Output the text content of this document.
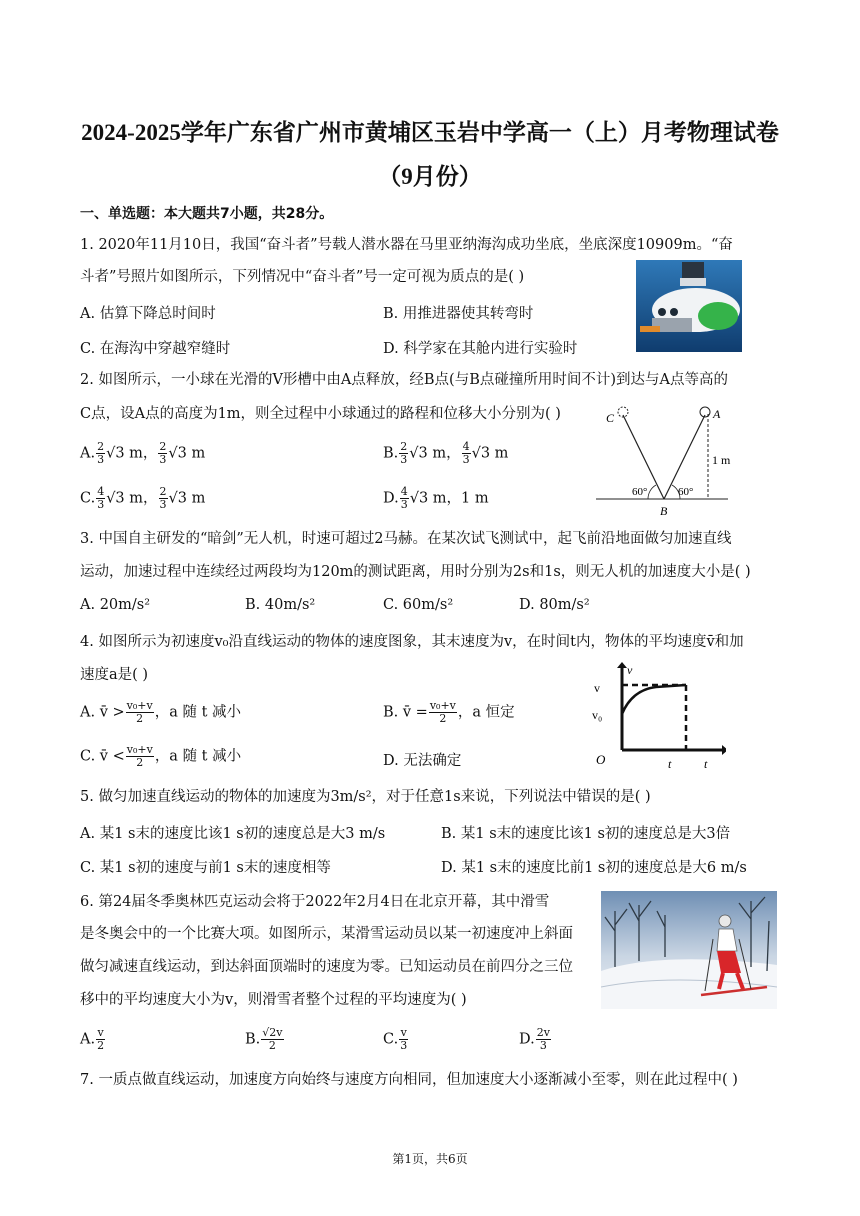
2024-2025学年广东省广州市黄埔区玉岩中学高一（上）月考物理试卷
（9月份）
一、单选题：本大题共7小题，共28分。
1. 2020年11月10日，我国“奋斗者”号载人潜水器在马里亚纳海沟成功坐底，坐底深度10909m。“奋
斗者”号照片如图所示，下列情况中“奋斗者”号一定可视为质点的是( )
A. 估算下降总时间时	B. 用推进器使其转弯时
C. 在海沟中穿越窄缝时	D. 科学家在其舱内进行实验时
2. 如图所示，一小球在光滑的V形槽中由A点释放，经B点(与B点碰撞所用时间不计)到达与A点等高的
C点，设A点的高度为1m，则全过程中小球通过的路程和位移大小分别为( )
A. $\frac{2}{3} √3$ m， $\frac{2}{3} √3$ m	B. $\frac{2}{3} √3$ m， $\frac{4}{3} √3$ m
C. $\frac{4}{3} √3$ m， $\frac{2}{3} √3$ m	D. $\frac{4}{3} √3$ m，1 m
C	A
B
1 m
60°	60°
3. 中国自主研发的“暗剑”无人机，时速可超过2马赫。在某次试飞测试中，起飞前沿地面做匀加速直线
运动，加速过程中连续经过两段均为120m的测试距离，用时分别为2s和1s，则无人机的加速度大小是( )
A. 20m/s²	B. 40m/s²	C. 60m/s²	D. 80m/s²
4. 如图所示为初速度v₀沿直线运动的物体的速度图象，其末速度为v，在时间t内，物体的平均速度v̄和加
速度a是( )
A. v̄ > $\frac{\text{v₀+v}}{2}$ ，a 随 t 减小	B. v̄ = $\frac{\text{v₀+v}}{2}$ ，a 恒定
C. v̄ < $\frac{\text{v₀+v}}{2}$ ，a 随 t 减小	D. 无法确定
v
v
v₀
O	t	t
5. 做匀加速直线运动的物体的加速度为3m/s²，对于任意1s来说，下列说法中错误的是( )
A. 某1 s末的速度比该1 s初的速度总是大3 m/s	B. 某1 s末的速度比该1 s初的速度总是大3倍
C. 某1 s初的速度与前1 s末的速度相等	D. 某1 s末的速度比前1 s初的速度总是大6 m/s
6. 第24届冬季奥林匹克运动会将于2022年2月4日在北京开幕，其中滑雪
是冬奥会中的一个比赛大项。如图所示，某滑雪运动员以某一初速度冲上斜面
做匀减速直线运动，到达斜面顶端时的速度为零。已知运动员在前四分之三位
移中的平均速度大小为v，则滑雪者整个过程的平均速度为( )
A. $\frac{v}{2}$	B. $\frac{√2v}{2}$	C. $\frac{v}{3}$	D. $\frac{2v}{3}$
7. 一质点做直线运动，加速度方向始终与速度方向相同，但加速度大小逐渐减小至零，则在此过程中( )
第1页，共6页
